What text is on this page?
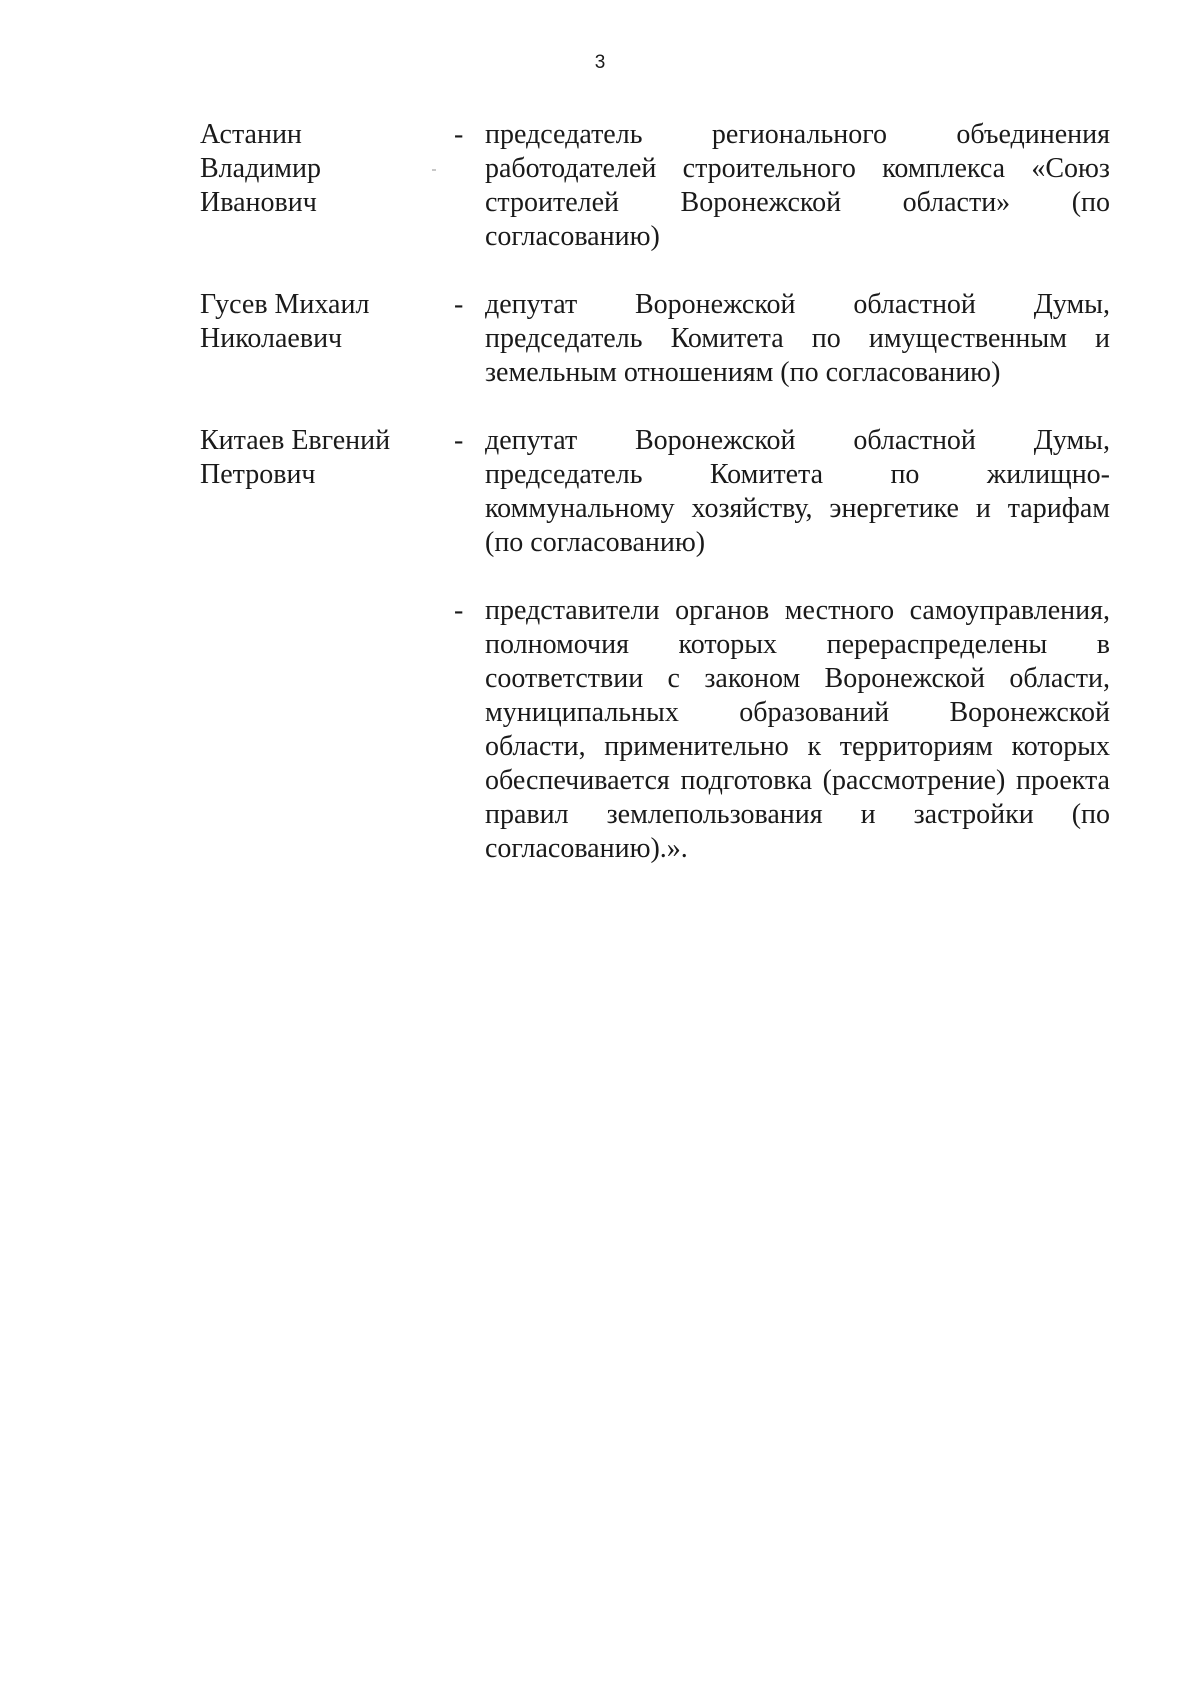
3
Астанин
Владимир
Иванович
- председатель регионального объединения работодателей строительного комплекса «Союз строителей Воронежской области» (по согласованию)
Гусев Михаил
Николаевич
- депутат Воронежской областной Думы, председатель Комитета по имущественным и земельным отношениям (по согласованию)
Китаев Евгений
Петрович
- депутат Воронежской областной Думы, председатель Комитета по жилищно-коммунальному хозяйству, энергетике и тарифам (по согласованию)
- представители органов местного самоуправления, полномочия которых перераспределены в соответствии с законом Воронежской области, муниципальных образований Воронежской области, применительно к территориям которых обеспечивается подготовка (рассмотрение) проекта правил землепользования и застройки (по согласованию).».
